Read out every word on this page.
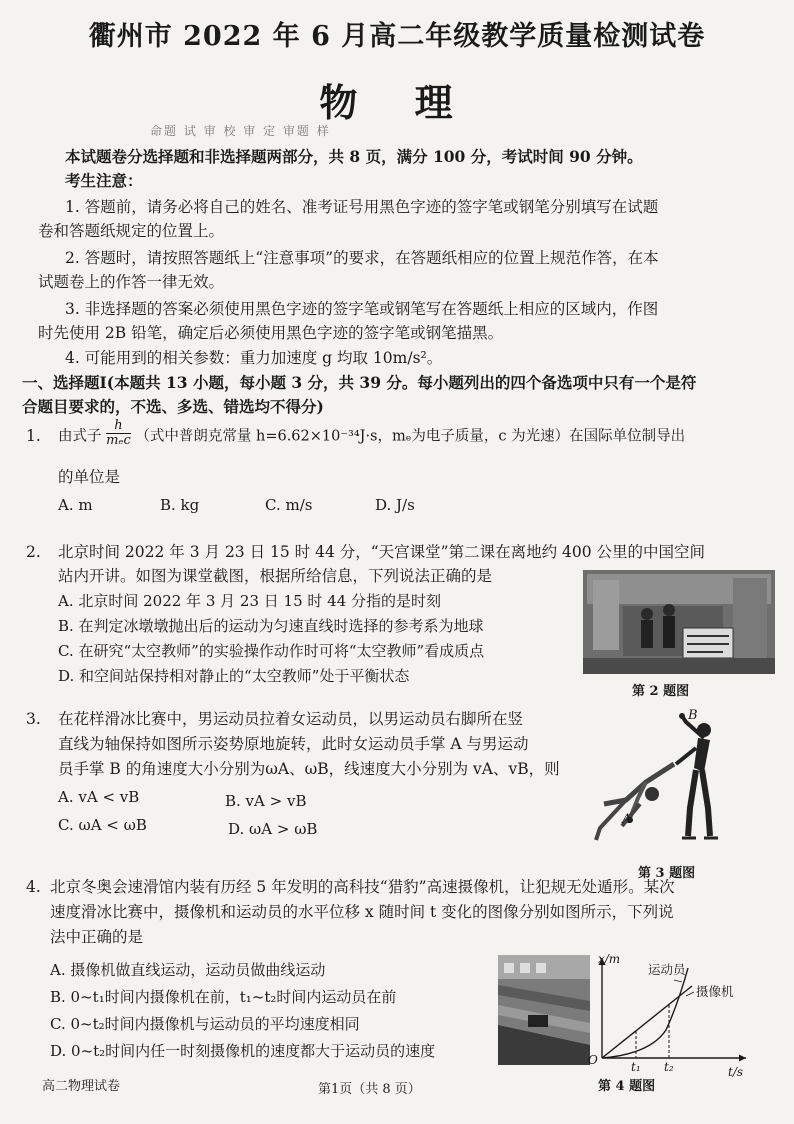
衢州市 2022 年 6 月高二年级教学质量检测试卷
物 理
命题 试 审 校 审 定 审题 样
本试题卷分选择题和非选择题两部分，共 8 页，满分 100 分，考试时间 90 分钟。
考生注意：
1. 答题前，请务必将自己的姓名、准考证号用黑色字迹的签字笔或钢笔分别填写在试题
卷和答题纸规定的位置上。
2. 答题时，请按照答题纸上“注意事项”的要求，在答题纸相应的位置上规范作答，在本
试题卷上的作答一律无效。
3. 非选择题的答案必须使用黑色字迹的签字笔或钢笔写在答题纸上相应的区域内，作图
时先使用 2B 铅笔，确定后必须使用黑色字迹的签字笔或钢笔描黑。
4. 可能用到的相关参数：重力加速度 g 均取 10m/s²。
一、选择题Ⅰ(本题共 13 小题，每小题 3 分，共 39 分。每小题列出的四个备选项中只有一个是符
合题目要求的，不选、多选、错选均不得分)
1. 由式子
h
mₑc （式中普朗克常量 h=6.62×10⁻³⁴J·s，mₑ为电子质量，c 为光速）在国际单位制导出
的单位是
A. m	B. kg	C. m/s	D. J/s
2. 北京时间 2022 年 3 月 23 日 15 时 44 分，“天宫课堂”第二课在离地约 400 公里的中国空间
站内开讲。如图为课堂截图，根据所给信息，下列说法正确的是
A. 北京时间 2022 年 3 月 23 日 15 时 44 分指的是时刻
B. 在判定冰墩墩抛出后的运动为匀速直线时选择的参考系为地球
C. 在研究“太空教师”的实验操作动作时可将“太空教师”看成质点
D. 和空间站保持相对静止的“太空教师”处于平衡状态
第 2 题图
3. 在花样滑冰比赛中，男运动员拉着女运动员，以男运动员右脚所在竖
直线为轴保持如图所示姿势原地旋转，此时女运动员手掌 A 与男运动
员手掌 B 的角速度大小分别为ωA、ωB，线速度大小分别为 vA、vB，则
A. vA < vB	B. vA > vB
C. ωA < ωB	D. ωA > ωB
B
A
第 3 题图
4. 北京冬奥会速滑馆内装有历经 5 年发明的高科技“猎豹”高速摄像机，让犯规无处遁形。某次
速度滑冰比赛中，摄像机和运动员的水平位移 x 随时间 t 变化的图像分别如图所示，下列说
法中正确的是
A. 摄像机做直线运动，运动员做曲线运动
B. 0~t₁时间内摄像机在前，t₁~t₂时间内运动员在前
C. 0~t₂时间内摄像机与运动员的平均速度相同
D. 0~t₂时间内任一时刻摄像机的速度都大于运动员的速度
x/m
t/s
O	t₁ t₂
运动员
摄像机
第 4 题图
高二物理试卷	第1页（共 8 页）
